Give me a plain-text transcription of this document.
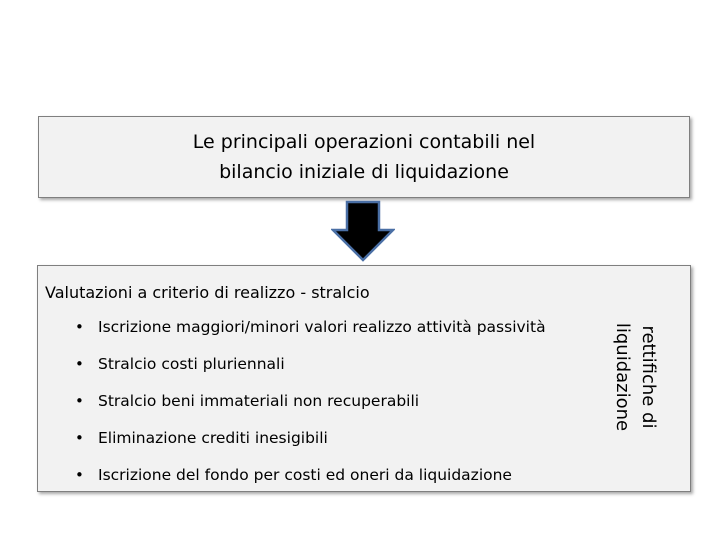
Le principali operazioni contabili nel
bilancio iniziale di liquidazione
Valutazioni a criterio di realizzo - stralcio
• Iscrizione maggiori/minori valori realizzo attività passività
• Stralcio costi pluriennali
• Stralcio beni immateriali non recuperabili
• Eliminazione crediti inesigibili
• Iscrizione del fondo per costi ed oneri da liquidazione
rettifiche di
liquidazione
